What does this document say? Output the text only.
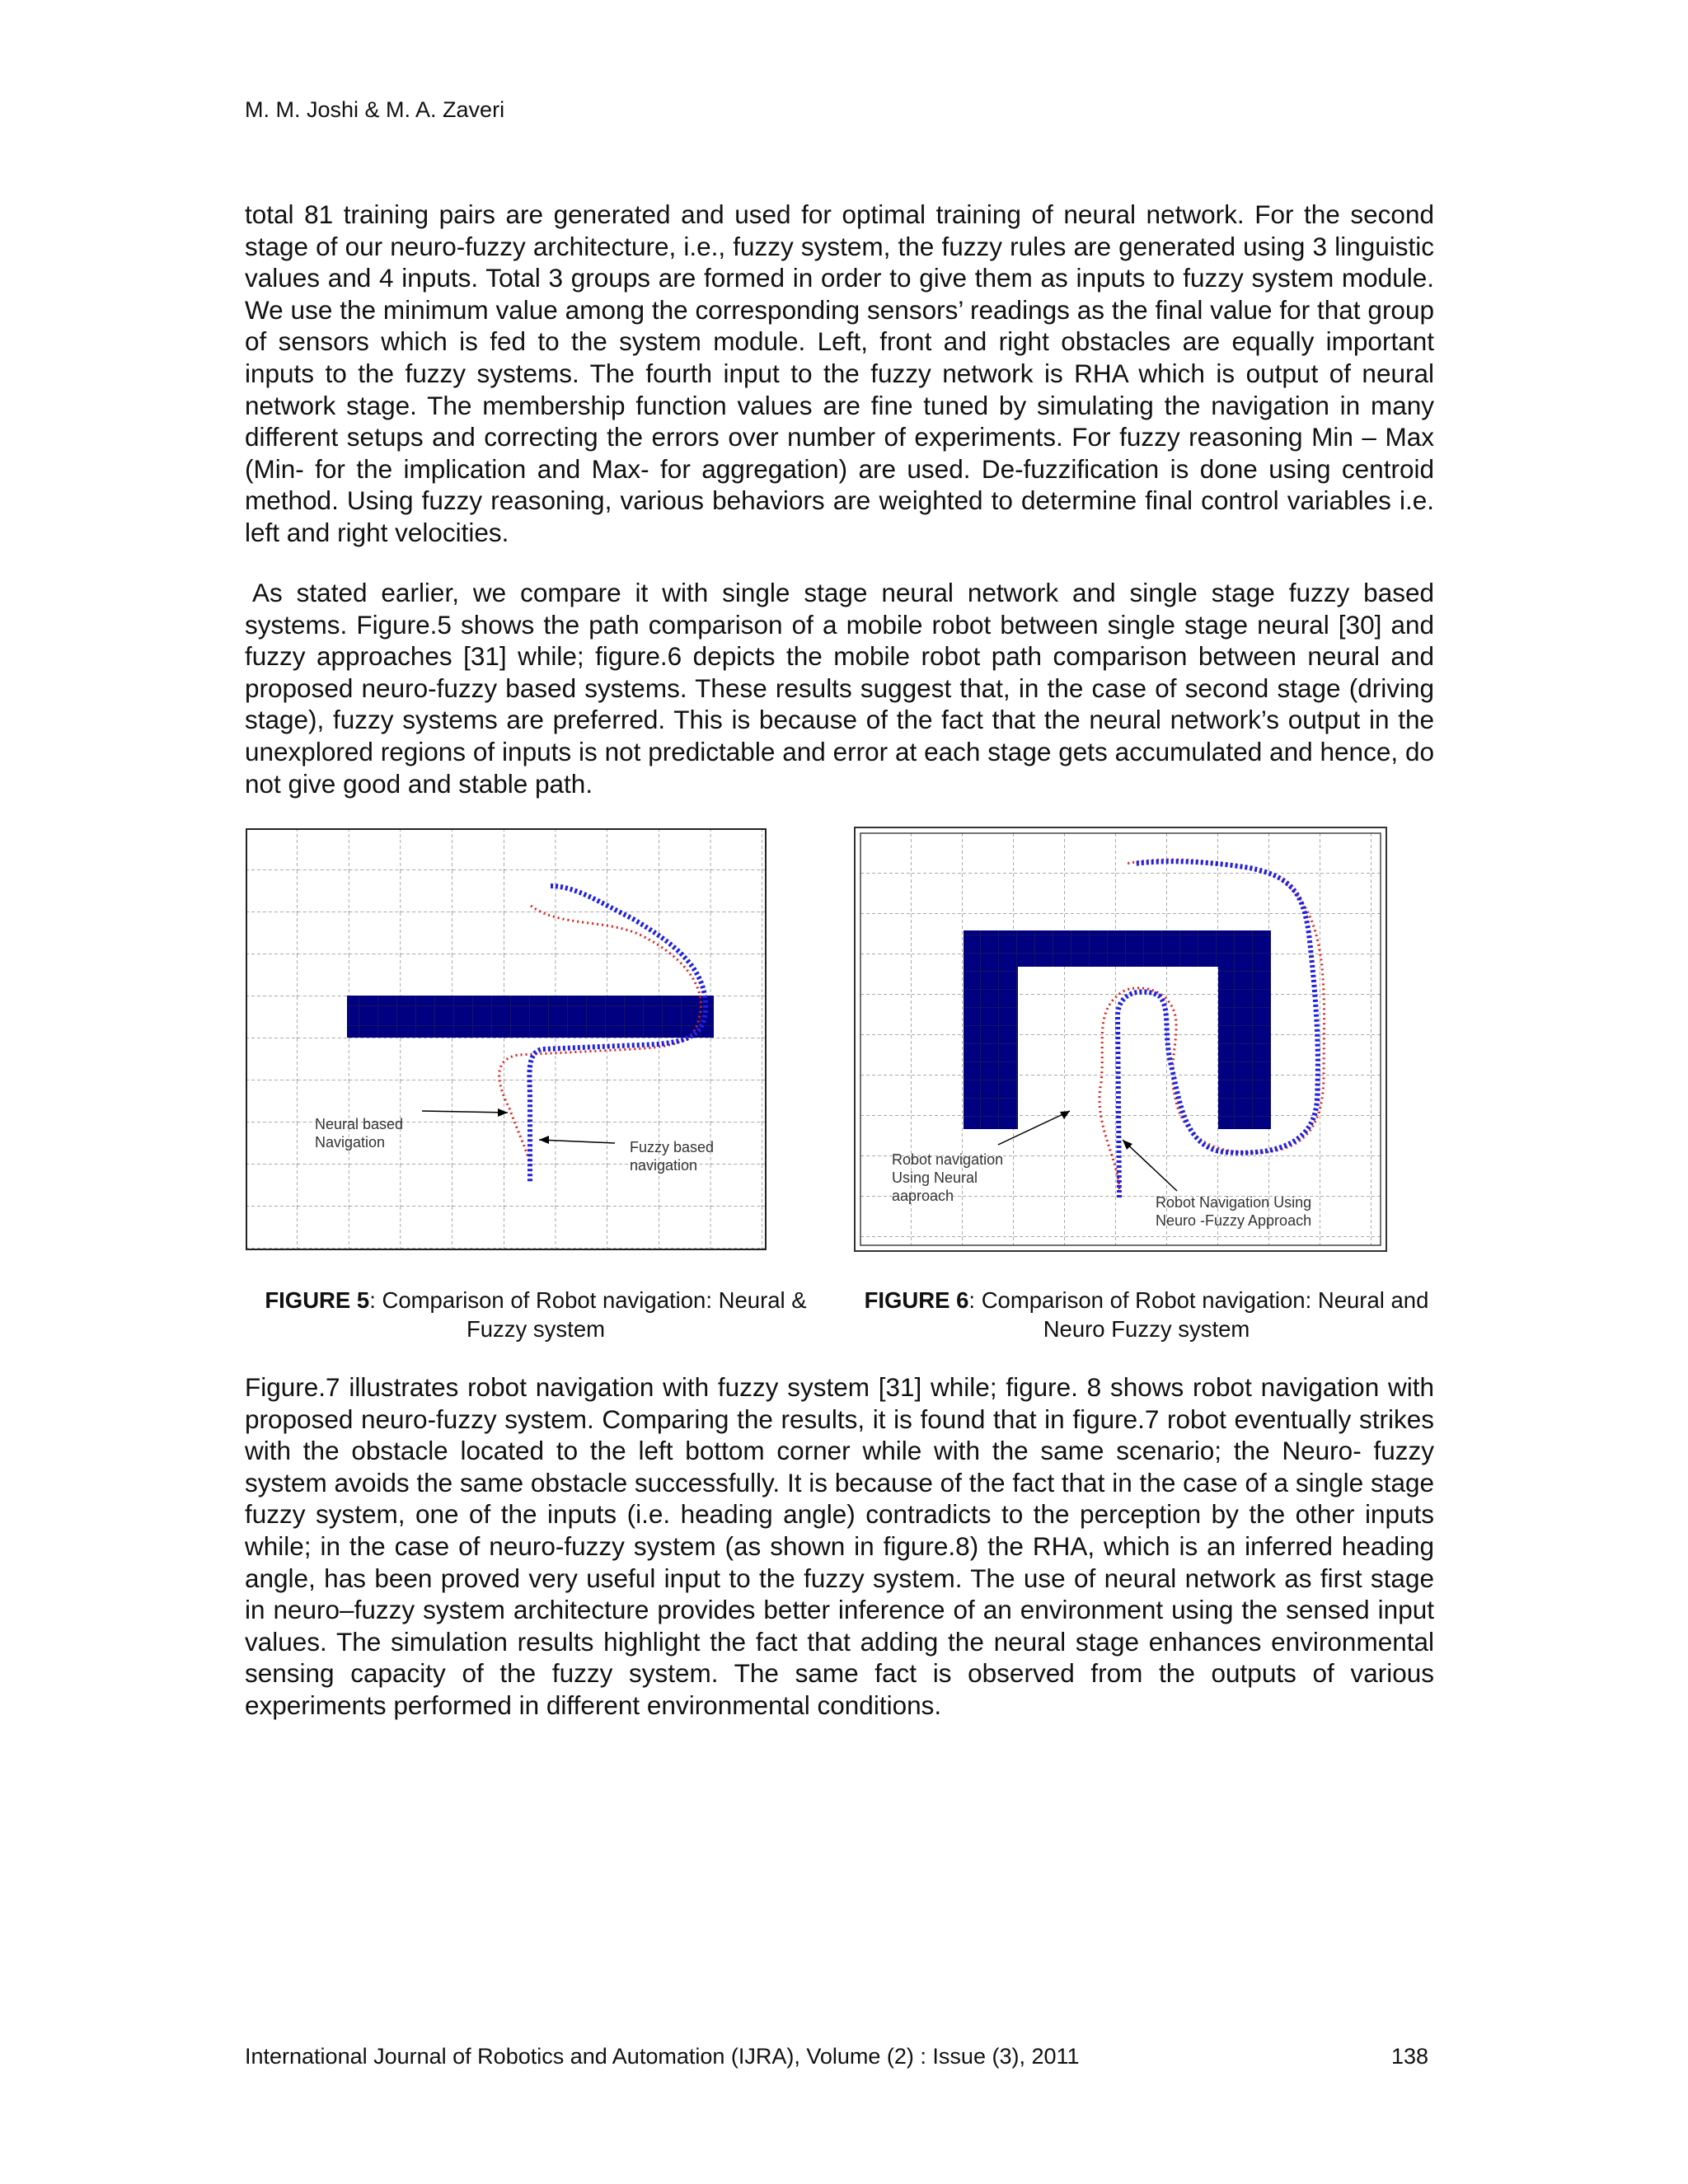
M. M. Joshi & M. A. Zaveri

total 81 training pairs are generated and used for optimal training of neural network. For the second stage of our neuro-fuzzy architecture, i.e., fuzzy system, the fuzzy rules are generated using 3 linguistic values and 4 inputs. Total 3 groups are formed in order to give them as inputs to fuzzy system module. We use the minimum value among the corresponding sensors’ readings as the final value for that group of sensors which is fed to the system module. Left, front and right obstacles are equally important inputs to the fuzzy systems. The fourth input to the fuzzy network is RHA which is output of neural network stage. The membership function values are fine tuned by simulating the navigation in many different setups and correcting the errors over number of experiments. For fuzzy reasoning Min – Max (Min- for the implication and Max- for aggregation) are used. De-fuzzification is done using centroid method. Using fuzzy reasoning, various behaviors are weighted to determine final control variables i.e. left and right velocities.

As stated earlier, we compare it with single stage neural network and single stage fuzzy based systems. Figure.5 shows the path comparison of a mobile robot between single stage neural [30] and fuzzy approaches [31] while; figure.6 depicts the mobile robot path comparison between neural and proposed neuro-fuzzy based systems. These results suggest that, in the case of second stage (driving stage), fuzzy systems are preferred. This is because of the fact that the neural network’s output in the unexplored regions of inputs is not predictable and error at each stage gets accumulated and hence, do not give good and stable path.

Neural based
Navigation	Fuzzy based
navigation	Robot navigation
Using Neural
aaproach	Robot Navigation Using
Neuro -Fuzzy Approach

FIGURE 5: Comparison of Robot navigation: Neural & Fuzzy system

FIGURE 6: Comparison of Robot navigation: Neural and Neuro Fuzzy system

Figure.7 illustrates robot navigation with fuzzy system [31] while; figure. 8 shows robot navigation with proposed neuro-fuzzy system. Comparing the results, it is found that in figure.7 robot eventually strikes with the obstacle located to the left bottom corner while with the same scenario; the Neuro- fuzzy system avoids the same obstacle successfully. It is because of the fact that in the case of a single stage fuzzy system, one of the inputs (i.e. heading angle) contradicts to the perception by the other inputs while; in the case of neuro-fuzzy system (as shown in figure.8) the RHA, which is an inferred heading angle, has been proved very useful input to the fuzzy system. The use of neural network as first stage in neuro–fuzzy system architecture provides better inference of an environment using the sensed input values. The simulation results highlight the fact that adding the neural stage enhances environmental sensing capacity of the fuzzy system. The same fact is observed from the outputs of various experiments performed in different environmental conditions.

International Journal of Robotics and Automation (IJRA), Volume (2) : Issue (3), 2011	138
